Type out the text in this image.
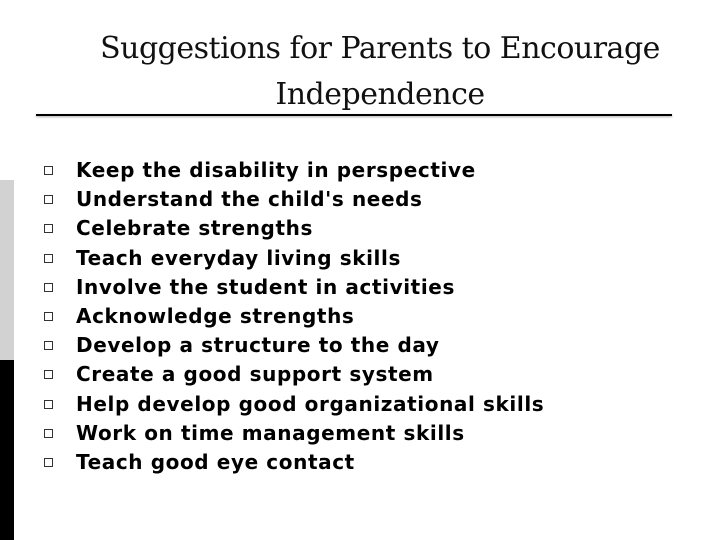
Suggestions for Parents to Encourage
Independence
Keep the disability in perspective
Understand the child's needs
Celebrate strengths
Teach everyday living skills
Involve the student in activities
Acknowledge strengths
Develop a structure to the day
Create a good support system
Help develop good organizational skills
Work on time management skills
Teach good eye contact
